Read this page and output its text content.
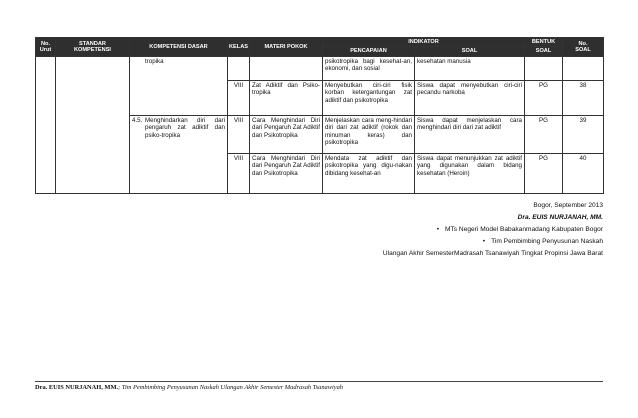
No.
Urut	STANDAR
KOMPETENSI	KOMPETENSI DASAR	KELAS	MATERI POKOK	INDIKATOR		BENTUK	No.
SOAL
					PENCAPAIAN	SOAL	SOAL	

		tropika			psikotropika bagi kesehat-an, ekonomi, dan sosial	kesehatan manusia		
			VIII	Zat Adiktif dan Psiko-tropika	Menyebutkan ciri-ciri fisik korban ketergantungan zat adiktif dan psikotropika	Siswa dapat menyebutkan ciri-ciri pecandu narkoba	PG	38

		4.5. Menghindarkan diri dari pengaruh zat adiktif dan psiko-tropika	VIII	Cara Menghindari Diri dari Pengaruh Zat Adiktif dan Psikotropika	Menjelaskan cara meng-hindari diri dari zat adiktif (rokok dan minuman keras) dan psikotropika	Siswa dapat menjelaskan cara menghindari diri dari zat adiktif	PG	39
			VIII	Cara Menghindari Diri dari Pengaruh Zat Adiktif dan Psikotropika	Mendata zat adiktif dan psikotropika yang digu-nakan dibidang kesehat-an	Siswa dapat menunjukkan zat adiktif yang digunakan dalam bidang kesehatan (Heroin)	PG	40
Bogor, September 2013
Dra. EUIS NURJANAH, MM.
• MTs Negeri Model Babakanmadang Kabupaten Bogor
• Tim Pembimbing Penyusunan Naskah
Ulangan Akhir SemesterMadrasah Tsanawiyah Tingkat Propinsi Jawa Barat
Dra. EUIS NURJANAH, MM.; Tim Pembimbing Penyusunan Naskah Ulangan Akhir Semester Madrasah Tsanawiyah
